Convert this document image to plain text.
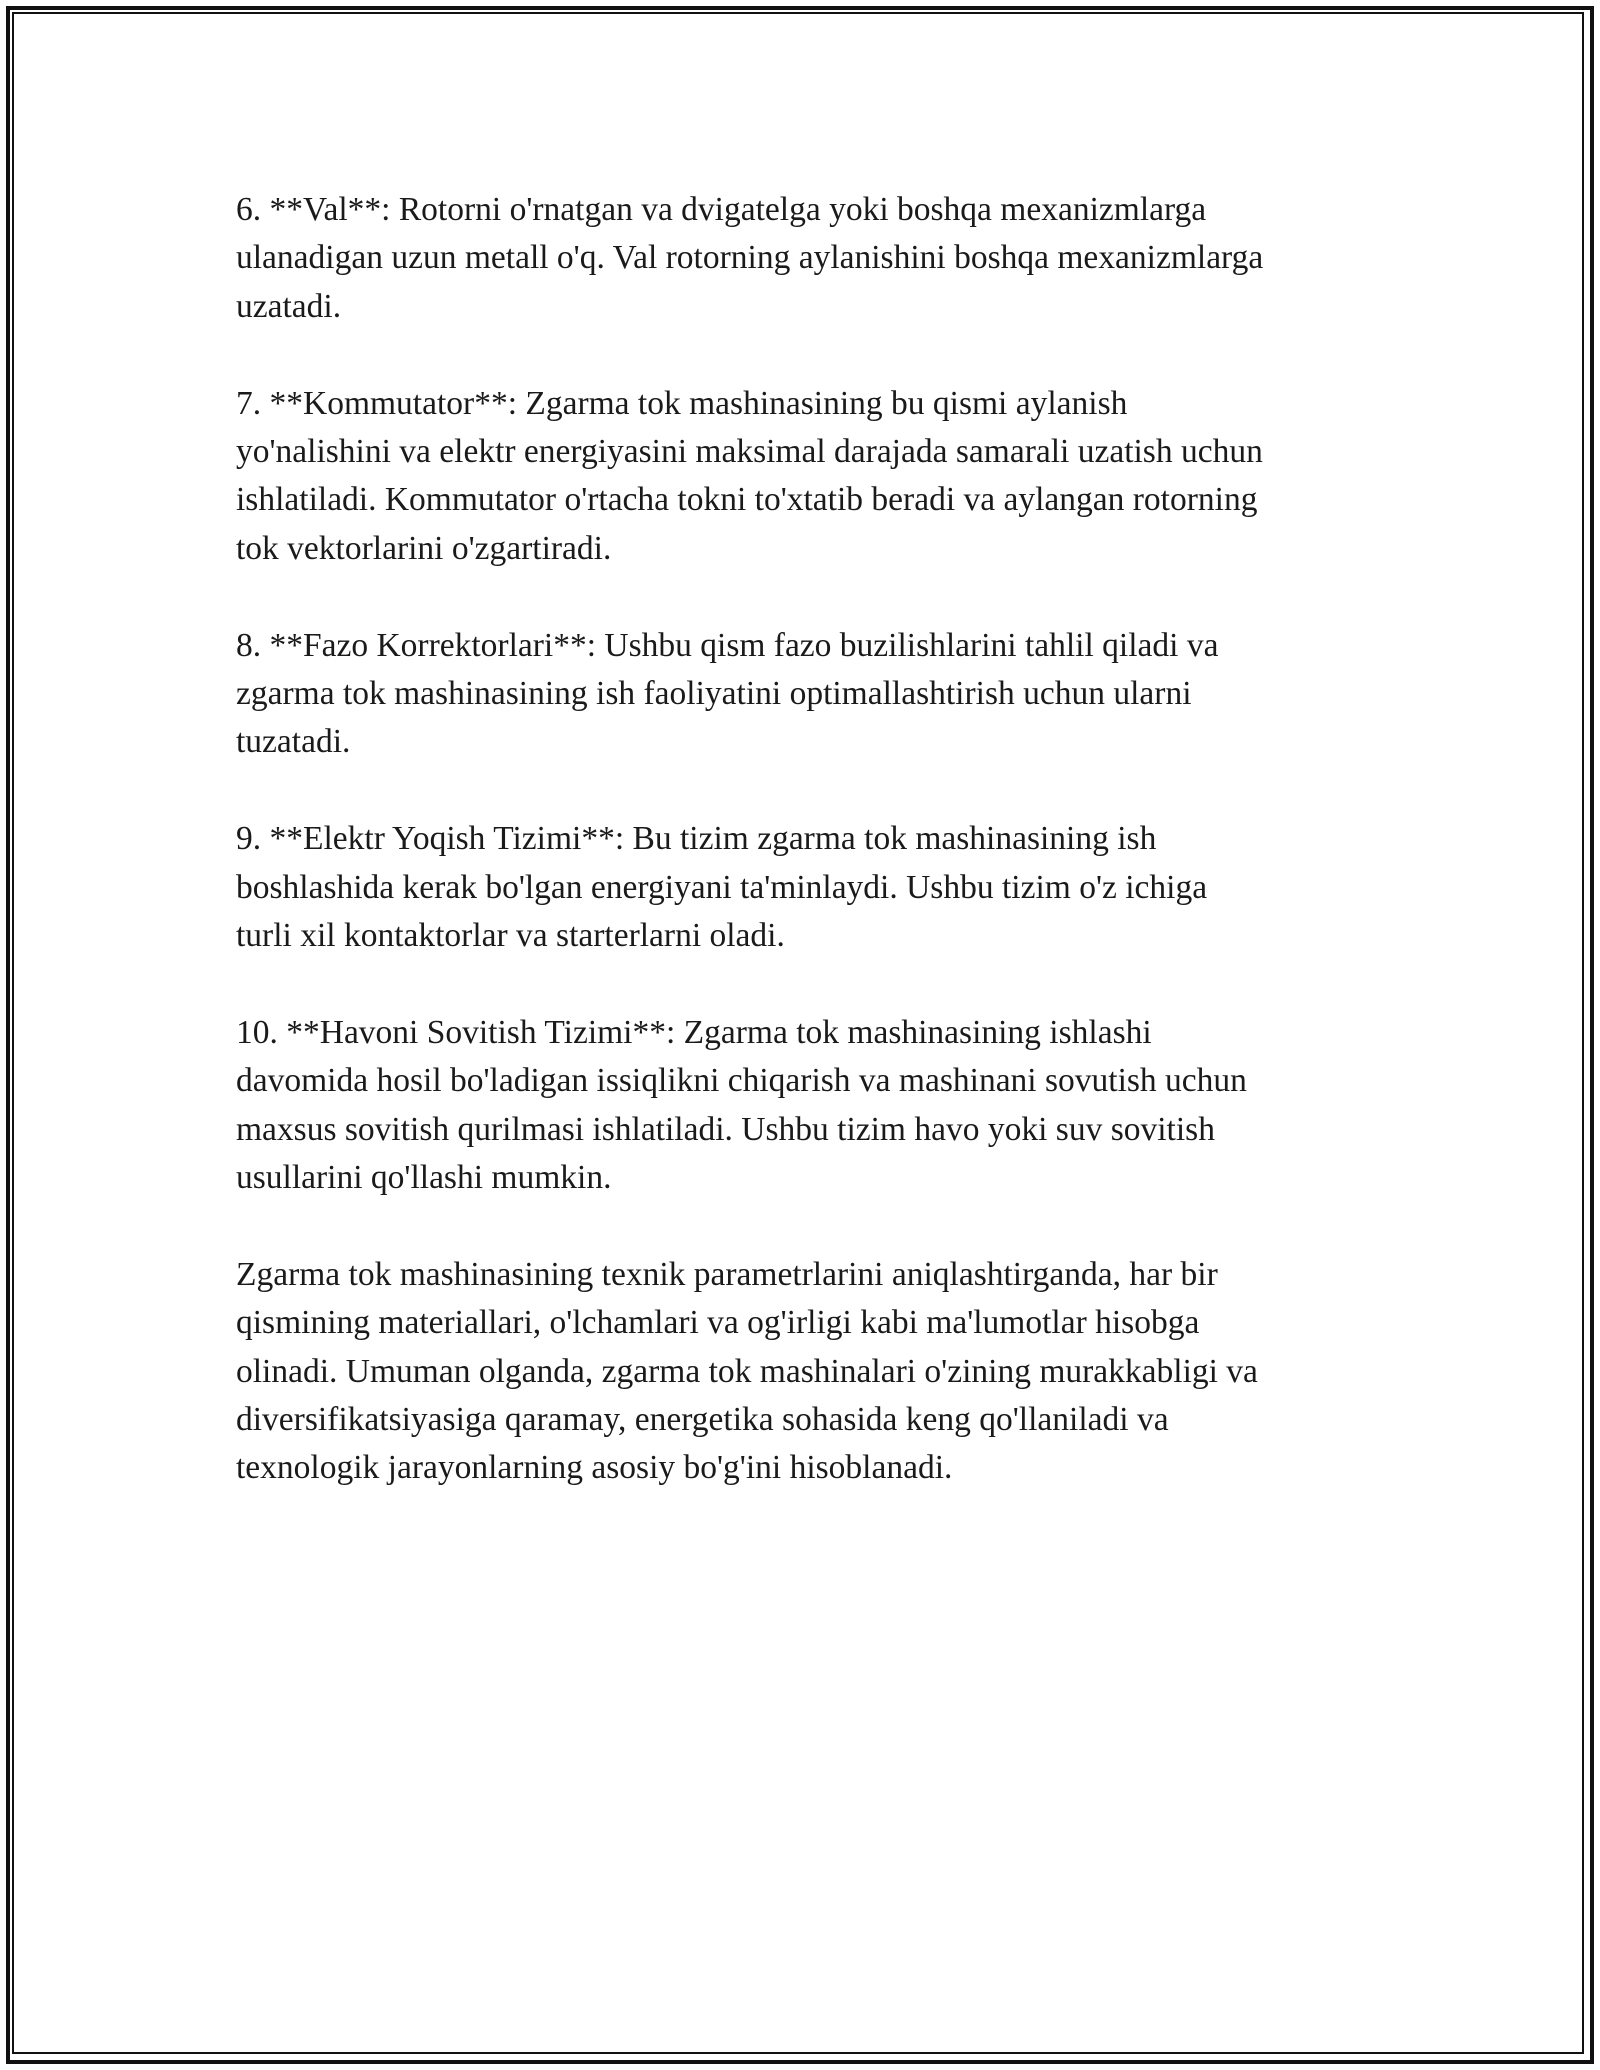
6. **Val**: Rotorni o'rnatgan va dvigatelga yoki boshqa mexanizmlarga
ulanadigan uzun metall o'q. Val rotorning aylanishini boshqa mexanizmlarga
uzatadi.

7. **Kommutator**: Zgarma tok mashinasining bu qismi aylanish
yo'nalishini va elektr energiyasini maksimal darajada samarali uzatish uchun
ishlatiladi. Kommutator o'rtacha tokni to'xtatib beradi va aylangan rotorning
tok vektorlarini o'zgartiradi.

8. **Fazo Korrektorlari**: Ushbu qism fazo buzilishlarini tahlil qiladi va
zgarma tok mashinasining ish faoliyatini optimallashtirish uchun ularni
tuzatadi.

9. **Elektr Yoqish Tizimi**: Bu tizim zgarma tok mashinasining ish
boshlashida kerak bo'lgan energiyani ta'minlaydi. Ushbu tizim o'z ichiga
turli xil kontaktorlar va starterlarni oladi.

10. **Havoni Sovitish Tizimi**: Zgarma tok mashinasining ishlashi
davomida hosil bo'ladigan issiqlikni chiqarish va mashinani sovutish uchun
maxsus sovitish qurilmasi ishlatiladi. Ushbu tizim havo yoki suv sovitish
usullarini qo'llashi mumkin.

Zgarma tok mashinasining texnik parametrlarini aniqlashtirganda, har bir
qismining materiallari, o'lchamlari va og'irligi kabi ma'lumotlar hisobga
olinadi. Umuman olganda, zgarma tok mashinalari o'zining murakkabligi va
diversifikatsiyasiga qaramay, energetika sohasida keng qo'llaniladi va
texnologik jarayonlarning asosiy bo'g'ini hisoblanadi.
